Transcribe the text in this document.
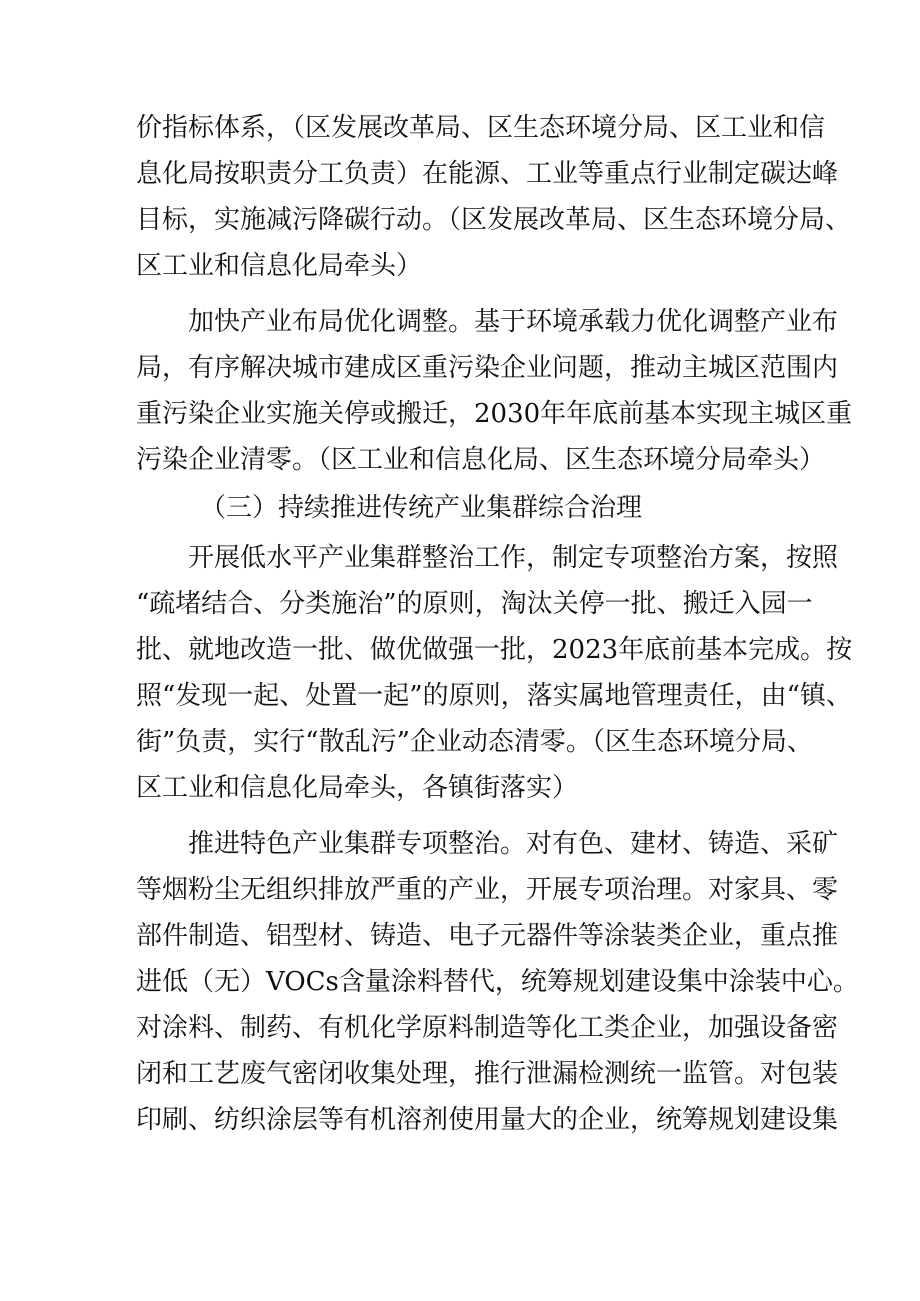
价指标体系，（区发展改革局、区生态环境分局、区工业和信
息化局按职责分工负责）在能源、工业等重点行业制定碳达峰
目标，实施减污降碳行动。（区发展改革局、区生态环境分局、
区工业和信息化局牵头）
加快产业布局优化调整。基于环境承载力优化调整产业布
局，有序解决城市建成区重污染企业问题，推动主城区范围内
重污染企业实施关停或搬迁，2030年年底前基本实现主城区重
污染企业清零。（区工业和信息化局、区生态环境分局牵头）
（三）持续推进传统产业集群综合治理
开展低水平产业集群整治工作，制定专项整治方案，按照
“疏堵结合、分类施治”的原则，淘汰关停一批、搬迁入园一
批、就地改造一批、做优做强一批，2023年底前基本完成。按
照“发现一起、处置一起”的原则，落实属地管理责任，由“镇、
街”负责，实行“散乱污”企业动态清零。（区生态环境分局、
区工业和信息化局牵头，各镇街落实）
推进特色产业集群专项整治。对有色、建材、铸造、采矿
等烟粉尘无组织排放严重的产业，开展专项治理。对家具、零
部件制造、铝型材、铸造、电子元器件等涂装类企业，重点推
进低（无）VOCs含量涂料替代，统筹规划建设集中涂装中心。
对涂料、制药、有机化学原料制造等化工类企业，加强设备密
闭和工艺废气密闭收集处理，推行泄漏检测统一监管。对包装
印刷、纺织涂层等有机溶剂使用量大的企业，统筹规划建设集
